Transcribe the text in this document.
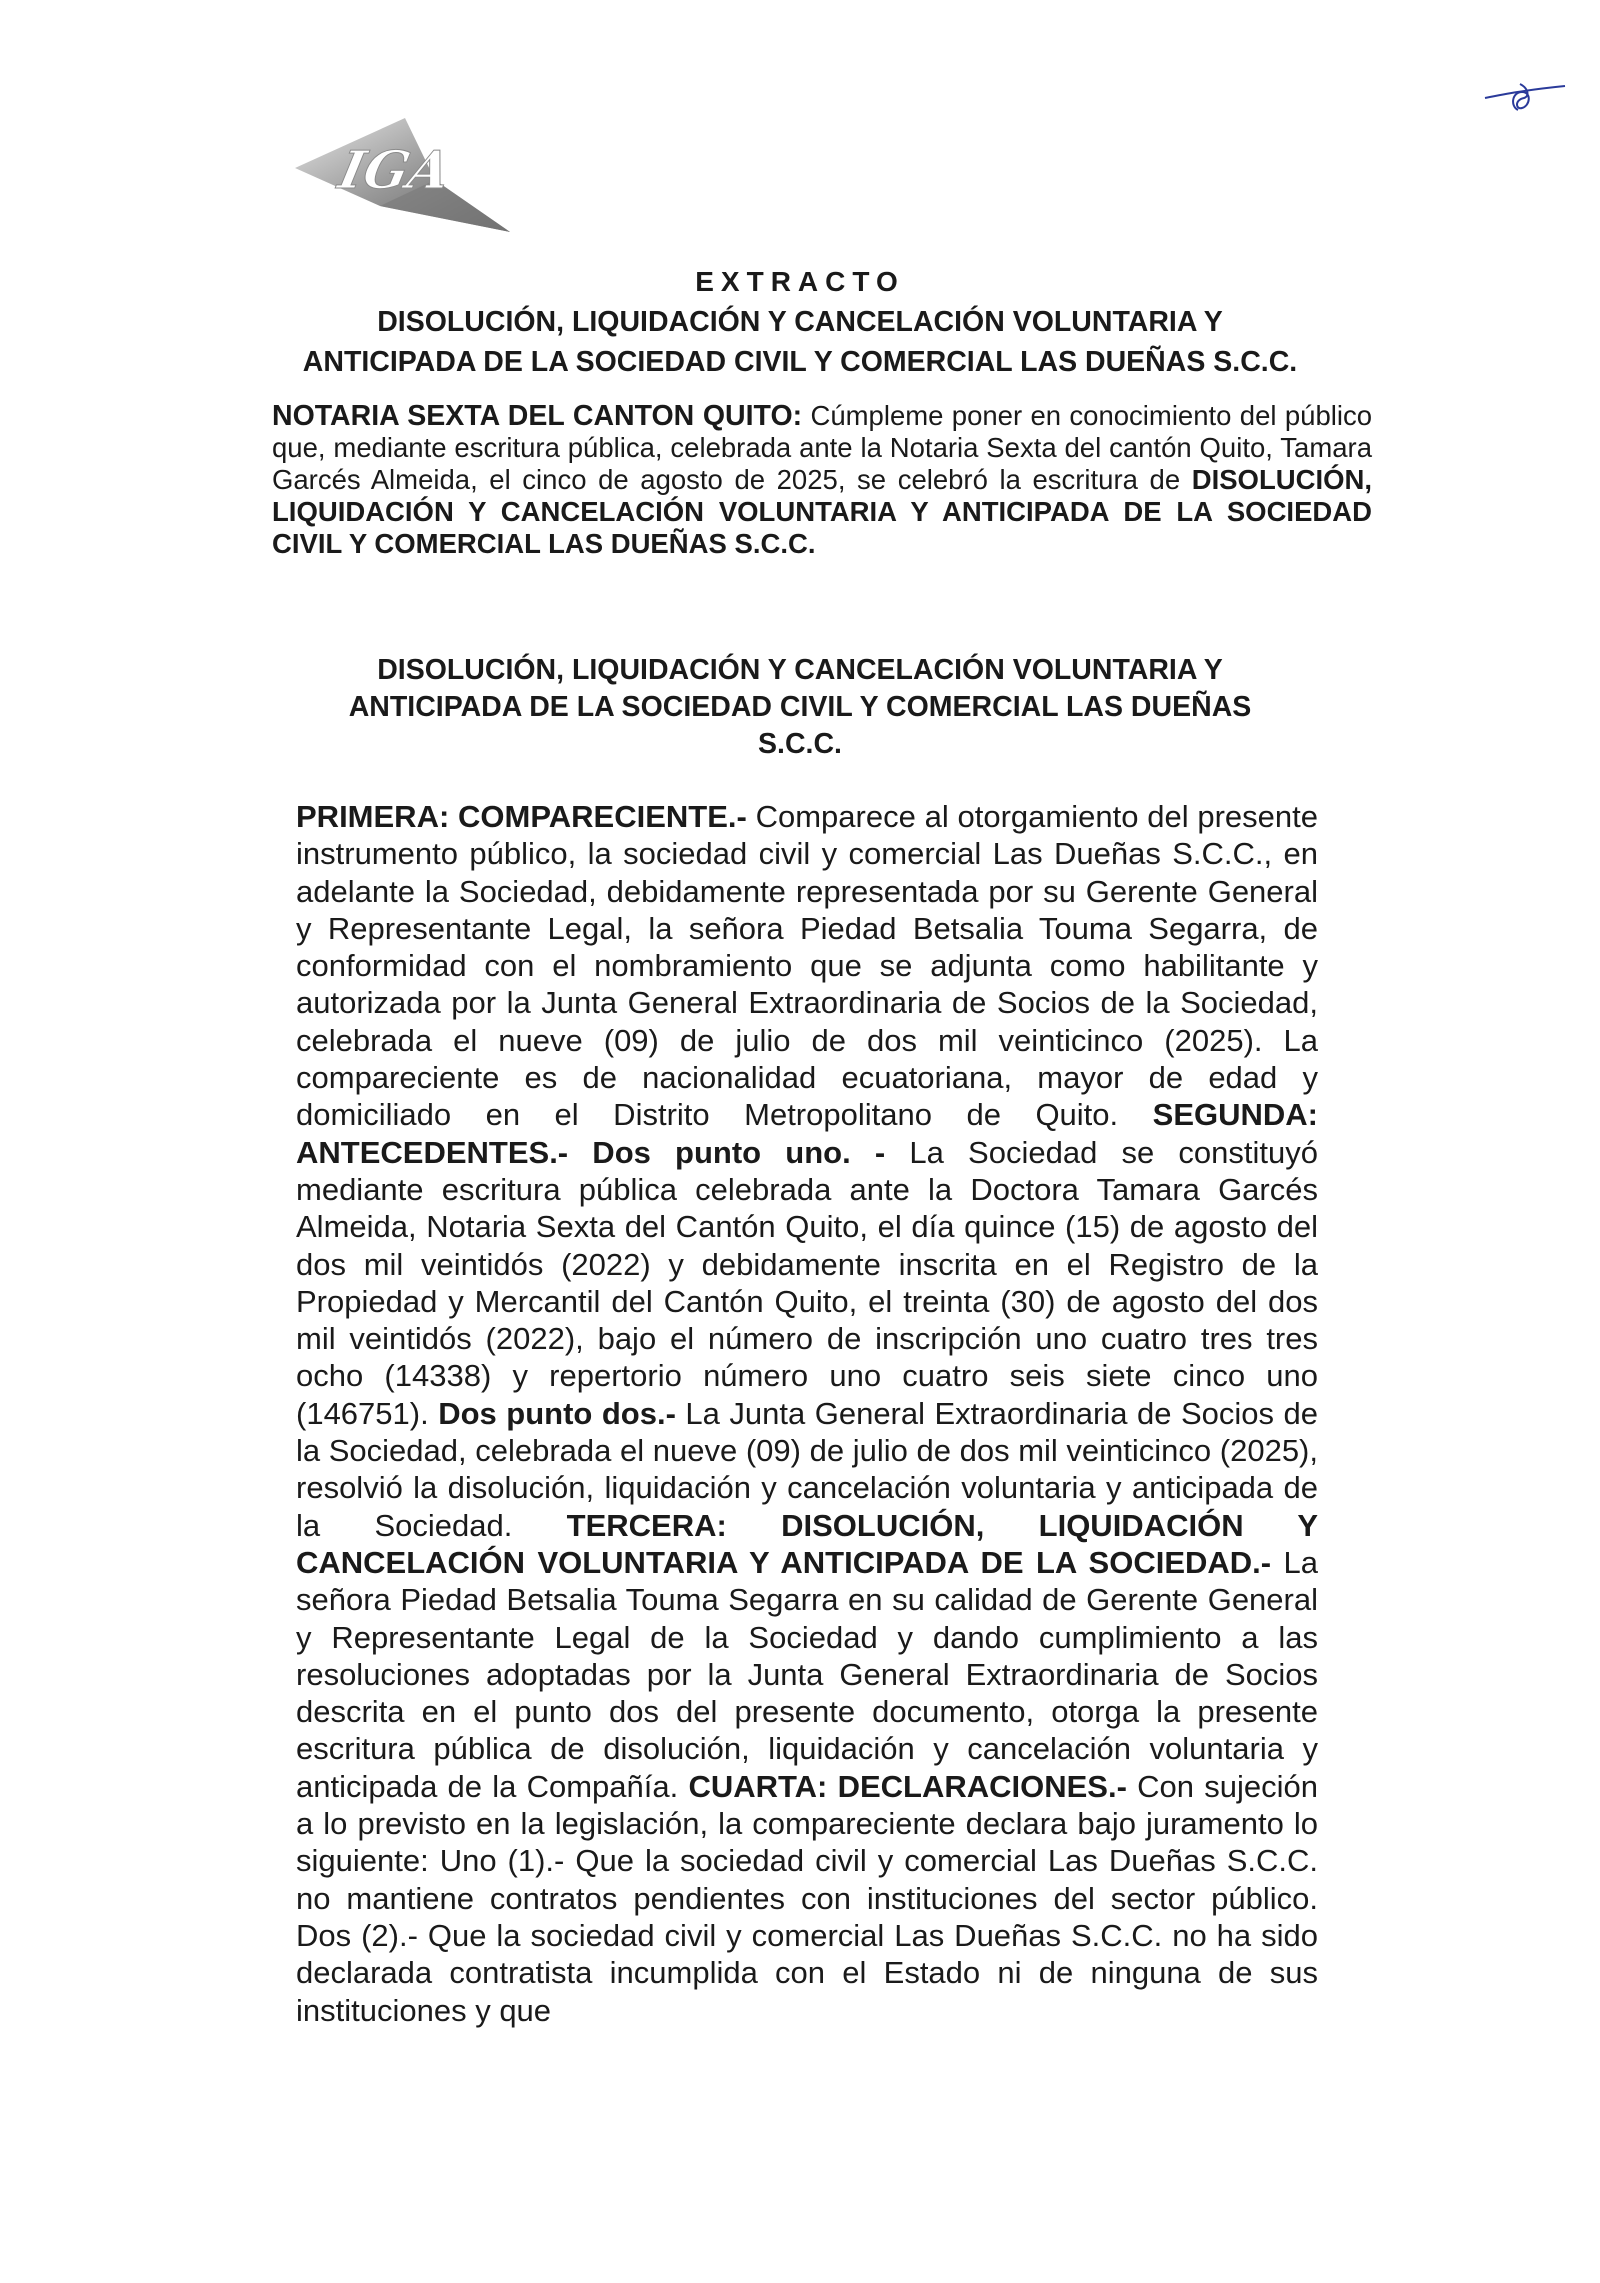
IGA
EXTRACTO
DISOLUCIÓN, LIQUIDACIÓN Y CANCELACIÓN VOLUNTARIA Y
ANTICIPADA DE LA SOCIEDAD CIVIL Y COMERCIAL LAS DUEÑAS S.C.C.
NOTARIA SEXTA DEL CANTON QUITO: Cúmpleme poner en conocimiento del público que, mediante escritura pública, celebrada ante la Notaria Sexta del cantón Quito, Tamara Garcés Almeida, el cinco de agosto de 2025, se celebró la escritura de DISOLUCIÓN, LIQUIDACIÓN Y CANCELACIÓN VOLUNTARIA Y ANTICIPADA DE LA SOCIEDAD CIVIL Y COMERCIAL LAS DUEÑAS S.C.C.
DISOLUCIÓN, LIQUIDACIÓN Y CANCELACIÓN VOLUNTARIA Y
ANTICIPADA DE LA SOCIEDAD CIVIL Y COMERCIAL LAS DUEÑAS
S.C.C.
PRIMERA: COMPARECIENTE.- Comparece al otorgamiento del presente instrumento público, la sociedad civil y comercial Las Dueñas S.C.C., en adelante la Sociedad, debidamente representada por su Gerente General y Representante Legal, la señora Piedad Betsalia Touma Segarra, de conformidad con el nombramiento que se adjunta como habilitante y autorizada por la Junta General Extraordinaria de Socios de la Sociedad, celebrada el nueve (09) de julio de dos mil veinticinco (2025). La compareciente es de nacionalidad ecuatoriana, mayor de edad y domiciliado en el Distrito Metropolitano de Quito. SEGUNDA: ANTECEDENTES.- Dos punto uno. - La Sociedad se constituyó mediante escritura pública celebrada ante la Doctora Tamara Garcés Almeida, Notaria Sexta del Cantón Quito, el día quince (15) de agosto del dos mil veintidós (2022) y debidamente inscrita en el Registro de la Propiedad y Mercantil del Cantón Quito, el treinta (30) de agosto del dos mil veintidós (2022), bajo el número de inscripción uno cuatro tres tres ocho (14338) y repertorio número uno cuatro seis siete cinco uno (146751). Dos punto dos.- La Junta General Extraordinaria de Socios de la Sociedad, celebrada el nueve (09) de julio de dos mil veinticinco (2025), resolvió la disolución, liquidación y cancelación voluntaria y anticipada de la Sociedad. TERCERA: DISOLUCIÓN, LIQUIDACIÓN Y CANCELACIÓN VOLUNTARIA Y ANTICIPADA DE LA SOCIEDAD.- La señora Piedad Betsalia Touma Segarra en su calidad de Gerente General y Representante Legal de la Sociedad y dando cumplimiento a las resoluciones adoptadas por la Junta General Extraordinaria de Socios descrita en el punto dos del presente documento, otorga la presente escritura pública de disolución, liquidación y cancelación voluntaria y anticipada de la Compañía. CUARTA: DECLARACIONES.- Con sujeción a lo previsto en la legislación, la compareciente declara bajo juramento lo siguiente: Uno (1).- Que la sociedad civil y comercial Las Dueñas S.C.C. no mantiene contratos pendientes con instituciones del sector público. Dos (2).- Que la sociedad civil y comercial Las Dueñas S.C.C. no ha sido declarada contratista incumplida con el Estado ni de ninguna de sus instituciones y que
